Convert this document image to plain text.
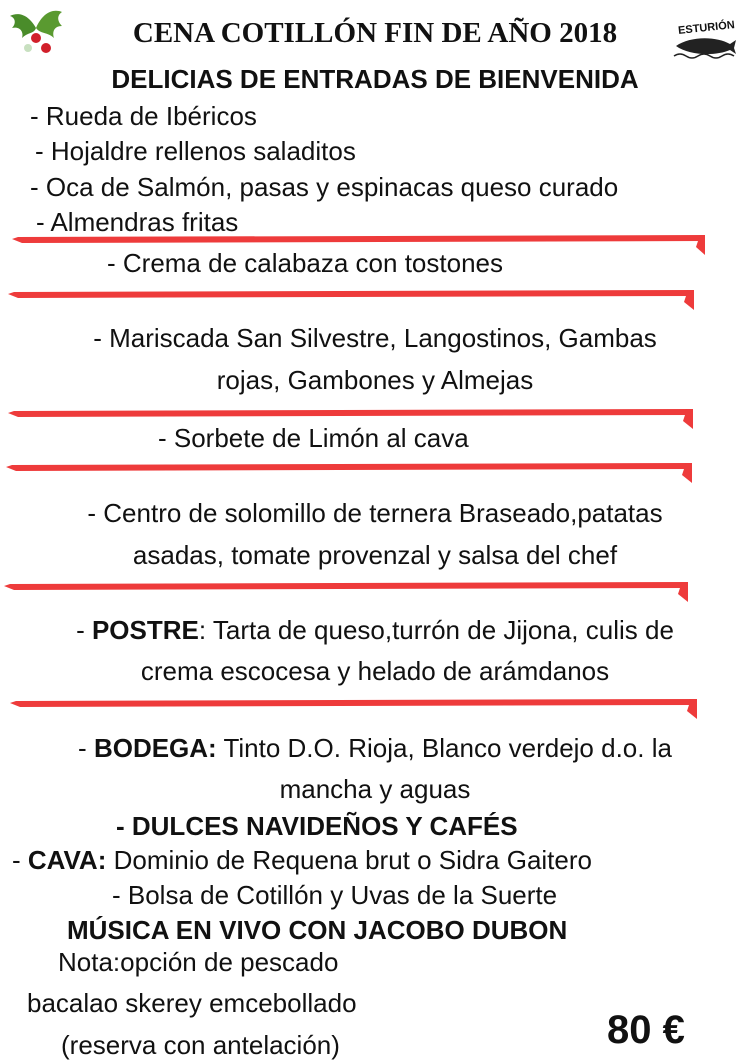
CENA COTILLÓN FIN DE AÑO 2018	ESTURIÓN
DELICIAS DE ENTRADAS DE BIENVENIDA
- Rueda de Ibéricos
- Hojaldre rellenos saladitos
- Oca de Salmón, pasas y espinacas queso curado
- Almendras fritas
- Crema de calabaza con tostones
- Mariscada San Silvestre, Langostinos, Gambas
rojas, Gambones y Almejas
- Sorbete de Limón al cava
- Centro de solomillo de ternera Braseado,patatas
asadas, tomate provenzal y salsa del chef
- POSTRE: Tarta de queso,turrón de Jijona, culis de
crema escocesa y helado de arámdanos
- BODEGA: Tinto D.O. Rioja, Blanco verdejo d.o. la
mancha y aguas
- DULCES NAVIDEÑOS Y CAFÉS
- CAVA: Dominio de Requena brut o Sidra Gaitero
- Bolsa de Cotillón y Uvas de la Suerte
MÚSICA EN VIVO CON JACOBO DUBON
Nota:opción de pescado
bacalao skerey emcebollado
(reserva con antelación)	80 €
